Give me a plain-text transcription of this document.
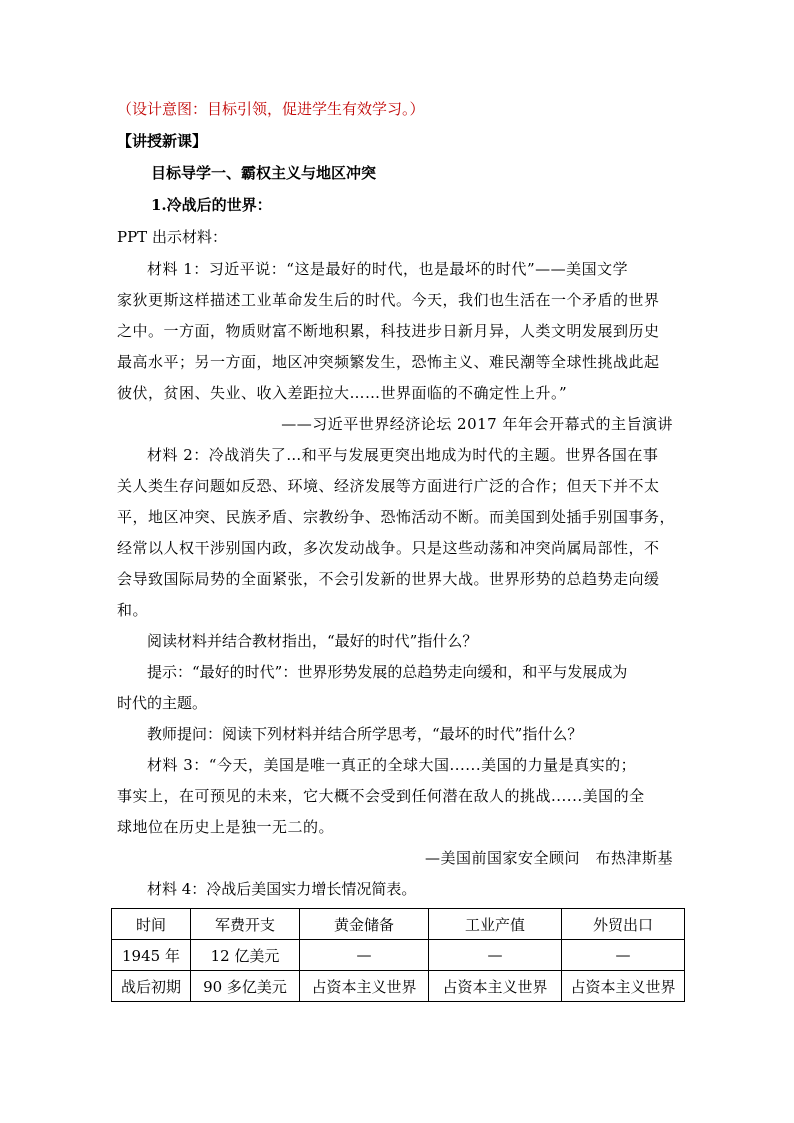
（设计意图：目标引领，促进学生有效学习。）
【讲授新课】
目标导学一、霸权主义与地区冲突
1.冷战后的世界：
PPT 出示材料：
材料 1：习近平说：“这是最好的时代，也是最坏的时代”——美国文学
家狄更斯这样描述工业革命发生后的时代。今天，我们也生活在一个矛盾的世界
之中。一方面，物质财富不断地积累，科技进步日新月异，人类文明发展到历史
最高水平；另一方面，地区冲突频繁发生，恐怖主义、难民潮等全球性挑战此起
彼伏，贫困、失业、收入差距拉大……世界面临的不确定性上升。”
——习近平世界经济论坛 2017 年年会开幕式的主旨演讲
材料 2：冷战消失了…和平与发展更突出地成为时代的主题。世界各国在事
关人类生存问题如反恐、环境、经济发展等方面进行广泛的合作；但天下并不太
平，地区冲突、民族矛盾、宗教纷争、恐怖活动不断。而美国到处插手别国事务，
经常以人权干涉别国内政，多次发动战争。只是这些动荡和冲突尚属局部性，不
会导致国际局势的全面紧张，不会引发新的世界大战。世界形势的总趋势走向缓
和。
阅读材料并结合教材指出，“最好的时代”指什么？
提示：“最好的时代”：世界形势发展的总趋势走向缓和，和平与发展成为
时代的主题。
教师提问：阅读下列材料并结合所学思考，“最坏的时代”指什么？
材料 3：“今天，美国是唯一真正的全球大国......美国的力量是真实的；
事实上，在可预见的未来，它大概不会受到任何潜在敌人的挑战......美国的全
球地位在历史上是独一无二的。
—美国前国家安全顾问　布热津斯基
材料 4：冷战后美国实力增长情况简表。
时间	军费开支	黄金储备	工业产值	外贸出口
1945 年	12 亿美元	—	—	—
战后初期	90 多亿美元	占资本主义世界	占资本主义世界	占资本主义世界
